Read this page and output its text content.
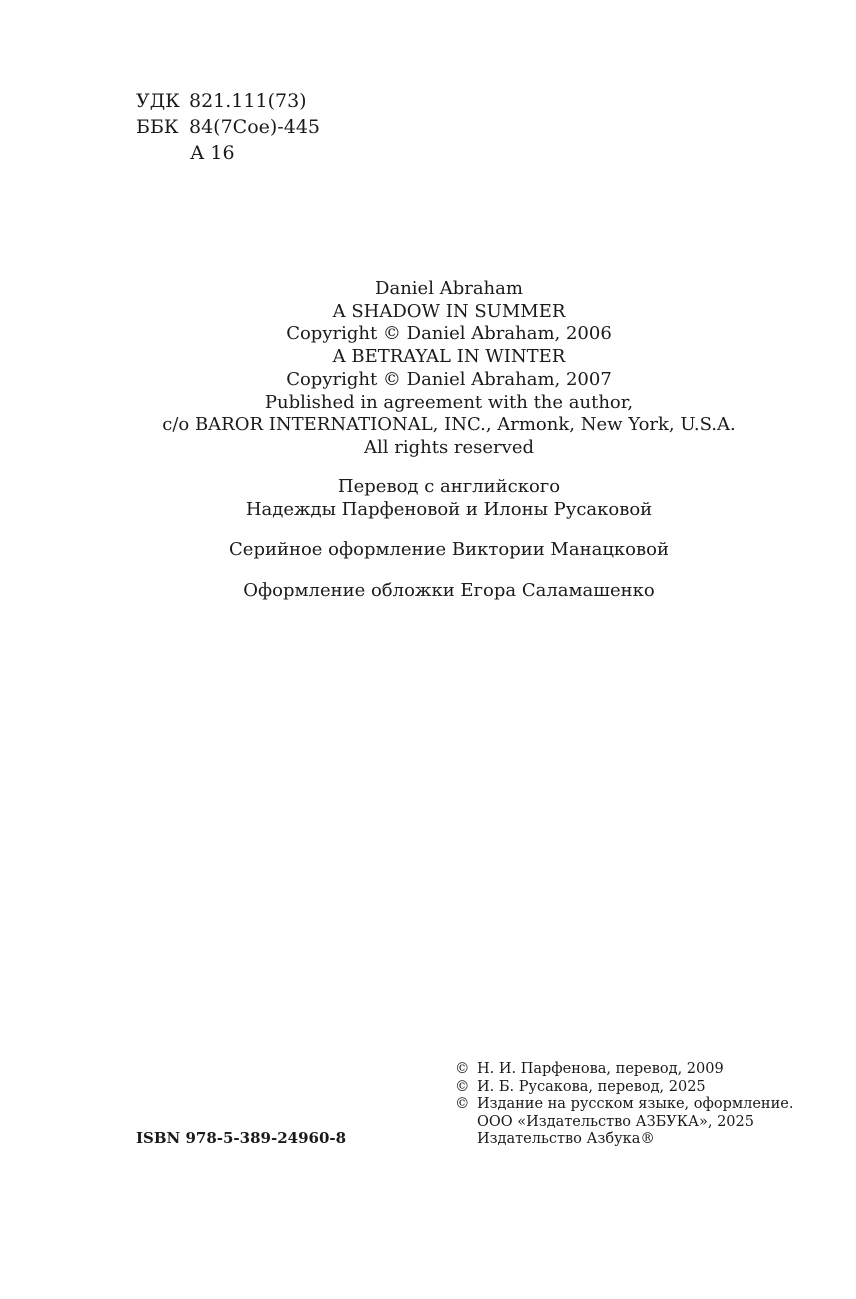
УДК 821.111(73)
ББК 84(7Сое)-445
А 16
Daniel Abraham
A SHADOW IN SUMMER
Copyright © Daniel Abraham, 2006
A BETRAYAL IN WINTER
Copyright © Daniel Abraham, 2007
Published in agreement with the author,
c/o BAROR INTERNATIONAL, INC., Armonk, New York, U.S.A.
All rights reserved
Перевод с английского
Надежды Парфеновой и Илоны Русаковой
Серийное оформление Виктории Манацковой
Оформление обложки Егора Саламашенко
© Н. И. Парфенова, перевод, 2009
© И. Б. Русакова, перевод, 2025
© Издание на русском языке, оформление.
ООО «Издательство АЗБУКА», 2025
Издательство Азбука®
ISBN 978-5-389-24960-8
